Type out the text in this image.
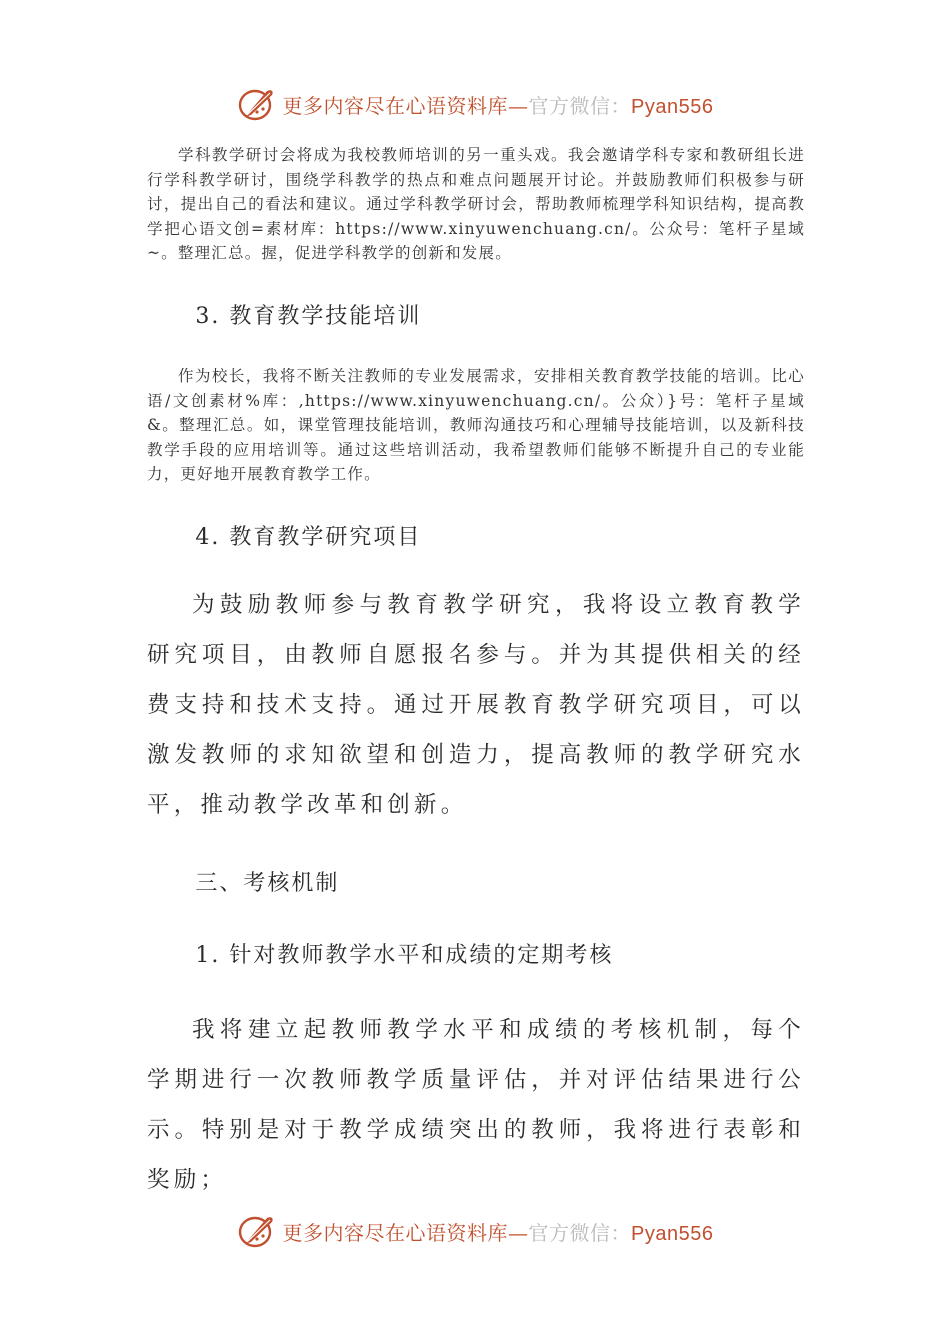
更多内容尽在心语资料库—官方微信：Pyan556

学科教学研讨会将成为我校教师培训的另一重头戏。我会邀请学科专家和教研组长进行学科教学研讨，围绕学科教学的热点和难点问题展开讨论。并鼓励教师们积极参与研讨，提出自己的看法和建议。通过学科教学研讨会，帮助教师梳理学科知识结构，提高教学把心语文创=素材库：https://www.xinyuwenchuang.cn/。公众号：笔杆子星域~。整理汇总。握，促进学科教学的创新和发展。

3. 教育教学技能培训

作为校长，我将不断关注教师的专业发展需求，安排相关教育教学技能的培训。比心语/文创素材%库：,https://www.xinyuwenchuang.cn/。公众）}号：笔杆子星域&。整理汇总。如，课堂管理技能培训，教师沟通技巧和心理辅导技能培训，以及新科技教学手段的应用培训等。通过这些培训活动，我希望教师们能够不断提升自己的专业能力，更好地开展教育教学工作。

4. 教育教学研究项目

为鼓励教师参与教育教学研究，我将设立教育教学研究项目，由教师自愿报名参与。并为其提供相关的经费支持和技术支持。通过开展教育教学研究项目，可以激发教师的求知欲望和创造力，提高教师的教学研究水平，推动教学改革和创新。

三、考核机制

1. 针对教师教学水平和成绩的定期考核

我将建立起教师教学水平和成绩的考核机制，每个学期进行一次教师教学质量评估，并对评估结果进行公示。特别是对于教学成绩突出的教师，我将进行表彰和奖励；

更多内容尽在心语资料库—官方微信：Pyan556
